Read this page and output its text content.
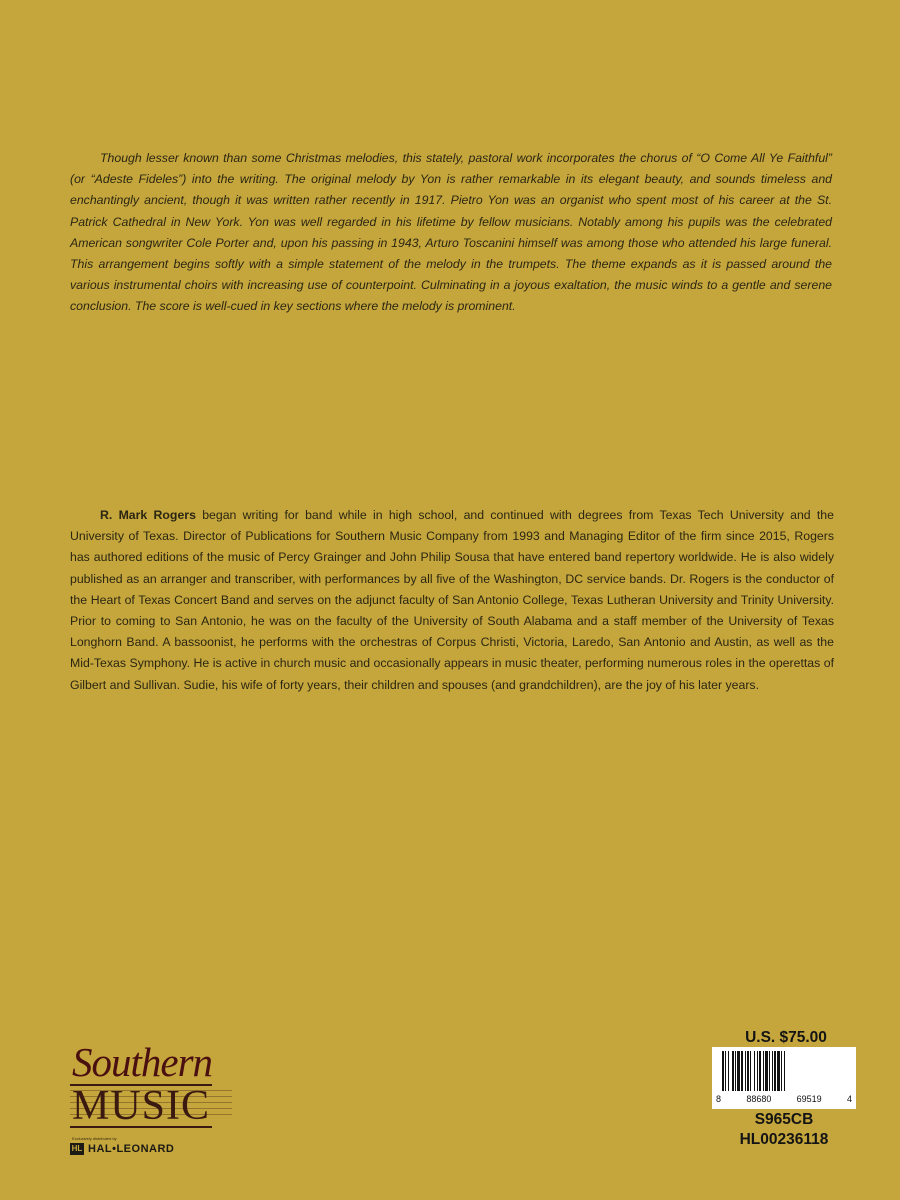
Though lesser known than some Christmas melodies, this stately, pastoral work incorporates the chorus of “O Come All Ye Faithful” (or “Adeste Fideles”) into the writing. The original melody by Yon is rather remarkable in its elegant beauty, and sounds timeless and enchantingly ancient, though it was written rather recently in 1917. Pietro Yon was an organist who spent most of his career at the St. Patrick Cathedral in New York. Yon was well regarded in his lifetime by fellow musicians. Notably among his pupils was the celebrated American songwriter Cole Porter and, upon his passing in 1943, Arturo Toscanini himself was among those who attended his large funeral. This arrangement begins softly with a simple statement of the melody in the trumpets. The theme expands as it is passed around the various instrumental choirs with increasing use of counterpoint. Culminating in a joyous exaltation, the music winds to a gentle and serene conclusion. The score is well-cued in key sections where the melody is prominent.

R. Mark Rogers began writing for band while in high school, and continued with degrees from Texas Tech University and the University of Texas. Director of Publications for Southern Music Company from 1993 and Managing Editor of the firm since 2015, Rogers has authored editions of the music of Percy Grainger and John Philip Sousa that have entered band repertory worldwide. He is also widely published as an arranger and transcriber, with performances by all five of the Washington, DC service bands. Dr. Rogers is the conductor of the Heart of Texas Concert Band and serves on the adjunct faculty of San Antonio College, Texas Lutheran University and Trinity University. Prior to coming to San Antonio, he was on the faculty of the University of South Alabama and a staff member of the University of Texas Longhorn Band. A bassoonist, he performs with the orchestras of Corpus Christi, Victoria, Laredo, San Antonio and Austin, as well as the Mid-Texas Symphony. He is active in church music and occasionally appears in music theater, performing numerous roles in the operettas of Gilbert and Sullivan. Sudie, his wife of forty years, their children and spouses (and grandchildren), are the joy of his later years.

Southern
MUSIC
Exclusively distributed by
HL HAL•LEONARD
U.S. $75.00
8	88680	69519	4
S965CB
HL00236118
